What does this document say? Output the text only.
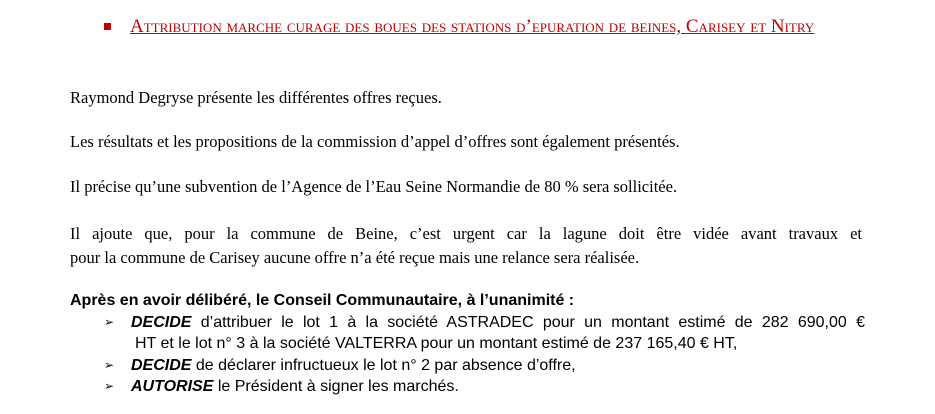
Attribution marche curage des boues des stations d’epuration de beines, Carisey et Nitry

Raymond Degryse présente les différentes offres reçues.

Les résultats et les propositions de la commission d’appel d’offres sont également présentés.

Il précise qu’une subvention de l’Agence de l’Eau Seine Normandie de 80 % sera sollicitée.

Il ajoute que, pour la commune de Beine, c’est urgent car la lagune doit être vidée avant travaux et
pour la commune de Carisey aucune offre n’a été reçue mais une relance sera réalisée.

Après en avoir délibéré, le Conseil Communautaire, à l’unanimité :
➢ DECIDE d’attribuer le lot 1 à la société ASTRADEC pour un montant estimé de 282 690,00 €
HT et le lot n° 3 à la société VALTERRA pour un montant estimé de 237 165,40 € HT,
➢ DECIDE de déclarer infructueux le lot n° 2 par absence d’offre,
➢ AUTORISE le Président à signer les marchés.
